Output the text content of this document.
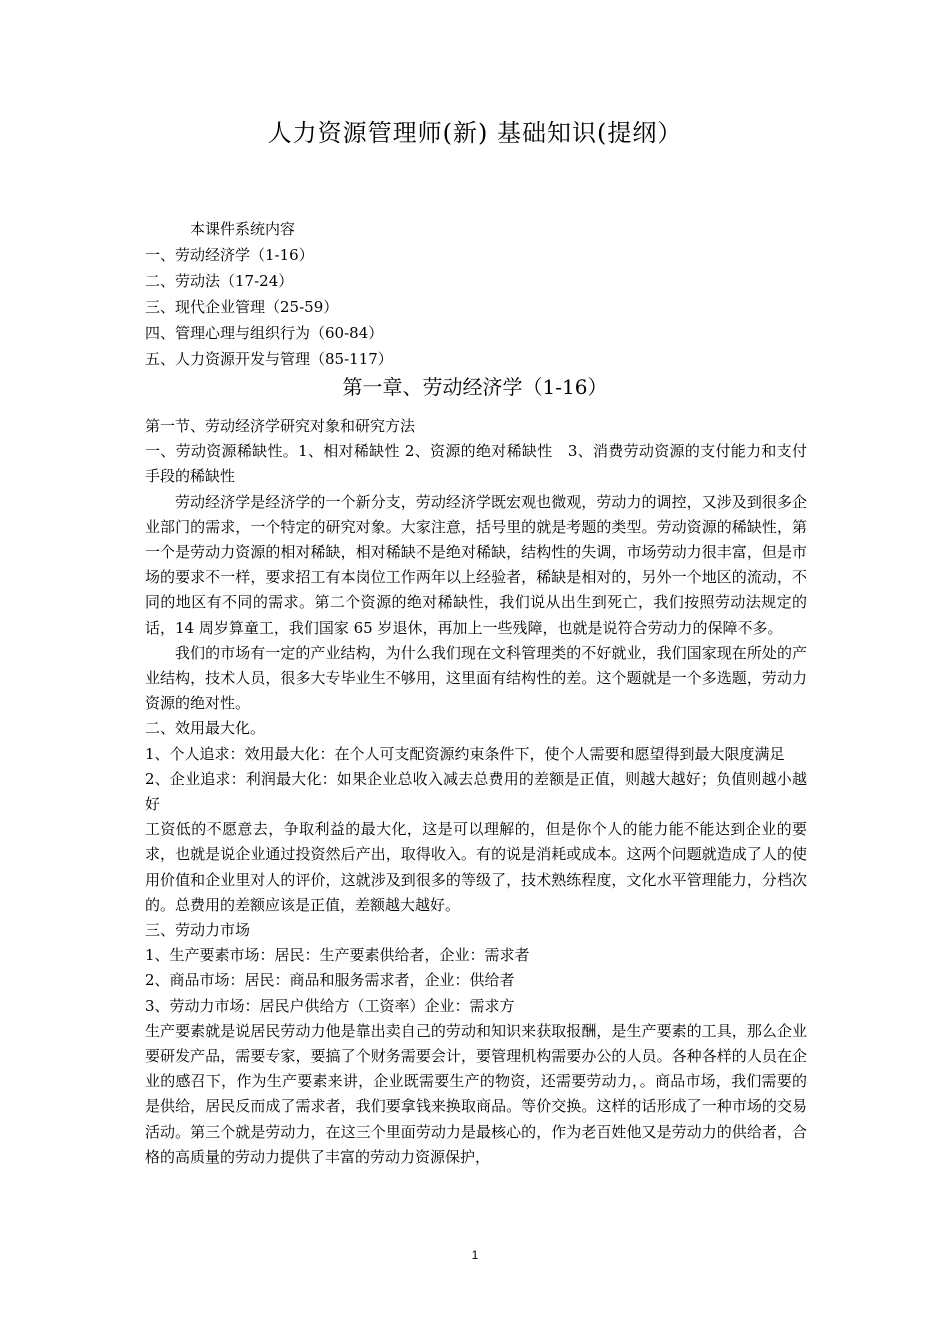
人力资源管理师(新) 基础知识(提纲）
本课件系统内容
一、劳动经济学（1-16）
二、劳动法（17-24）
三、现代企业管理（25-59）
四、管理心理与组织行为（60-84）
五、人力资源开发与管理（85-117）
第一章、劳动经济学（1-16）

第一节、劳动经济学研究对象和研究方法

一、劳动资源稀缺性。1、相对稀缺性 2、资源的绝对稀缺性　3、消费劳动资源的支付能力和支付手段的稀缺性

劳动经济学是经济学的一个新分支，劳动经济学既宏观也微观，劳动力的调控，又涉及到很多企业部门的需求，一个特定的研究对象。大家注意，括号里的就是考题的类型。劳动资源的稀缺性，第一个是劳动力资源的相对稀缺，相对稀缺不是绝对稀缺，结构性的失调，市场劳动力很丰富，但是市场的要求不一样，要求招工有本岗位工作两年以上经验者，稀缺是相对的，另外一个地区的流动，不同的地区有不同的需求。第二个资源的绝对稀缺性，我们说从出生到死亡，我们按照劳动法规定的话，14 周岁算童工，我们国家 65 岁退休，再加上一些残障，也就是说符合劳动力的保障不多。

我们的市场有一定的产业结构，为什么我们现在文科管理类的不好就业，我们国家现在所处的产业结构，技术人员，很多大专毕业生不够用，这里面有结构性的差。这个题就是一个多选题，劳动力资源的绝对性。

二、效用最大化。

1、个人追求：效用最大化：在个人可支配资源约束条件下，使个人需要和愿望得到最大限度满足

2、企业追求：利润最大化：如果企业总收入减去总费用的差额是正值，则越大越好；负值则越小越好

工资低的不愿意去，争取利益的最大化，这是可以理解的，但是你个人的能力能不能达到企业的要求，也就是说企业通过投资然后产出，取得收入。有的说是消耗或成本。这两个问题就造成了人的使用价值和企业里对人的评价，这就涉及到很多的等级了，技术熟练程度，文化水平管理能力，分档次的。总费用的差额应该是正值，差额越大越好。

三、劳动力市场

1、生产要素市场：居民：生产要素供给者，企业：需求者

2、商品市场：居民：商品和服务需求者，企业：供给者

3、劳动力市场：居民户供给方（工资率）企业：需求方

生产要素就是说居民劳动力他是靠出卖自己的劳动和知识来获取报酬，是生产要素的工具，那么企业要研发产品，需要专家，要搞了个财务需要会计，要管理机构需要办公的人员。各种各样的人员在企业的感召下，作为生产要素来讲，企业既需要生产的物资，还需要劳动力，。商品市场，我们需要的是供给，居民反而成了需求者，我们要拿钱来换取商品。等价交换。这样的话形成了一种市场的交易活动。第三个就是劳动力，在这三个里面劳动力是最核心的，作为老百姓他又是劳动力的供给者，合格的高质量的劳动力提供了丰富的劳动力资源保护，

1
